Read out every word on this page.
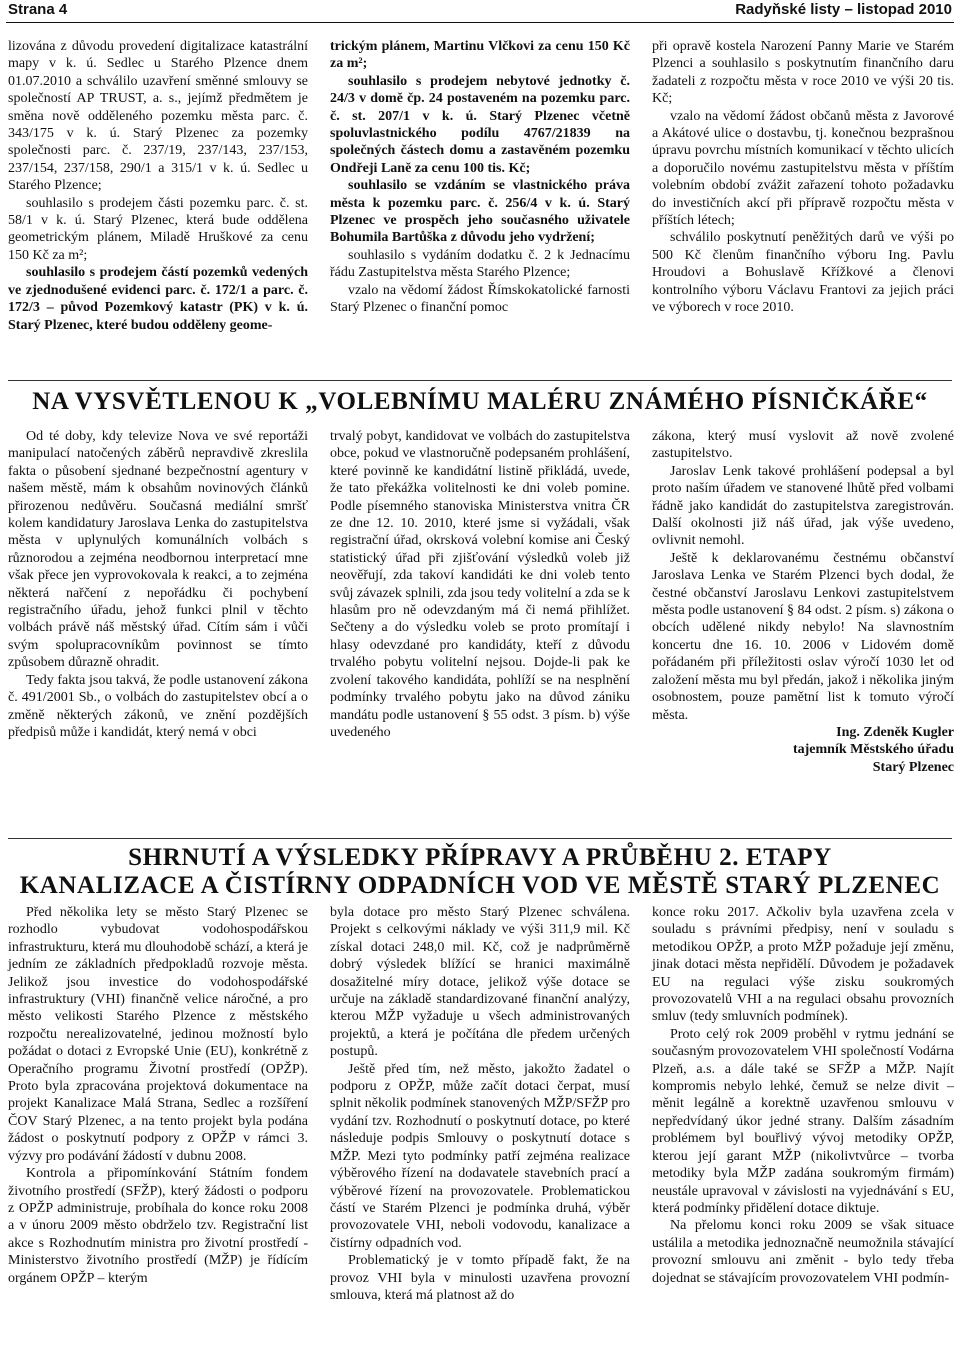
Strana 4	Radyňské listy – listopad 2010

lizována z důvodu provedení digitalizace katastrální mapy v k. ú. Sedlec u Starého Plzence dnem 01.07.2010 a schválilo uzavření směnné smlouvy se společností AP TRUST, a. s., jejímž předmětem je směna nově odděleného pozemku města parc. č. 343/175 v k. ú. Starý Plzenec za pozemky společnosti parc. č. 237/19, 237/143, 237/153, 237/154, 237/158, 290/1 a 315/1 v k. ú. Sedlec u Starého Plzence;

souhlasilo s prodejem části pozemku parc. č. st. 58/1 v k. ú. Starý Plzenec, která bude oddělena geometrickým plánem, Miladě Hruškové za cenu 150 Kč za m²;

souhlasilo s prodejem částí pozemků vedených ve zjednodušené evidenci parc. č. 172/1 a parc. č. 172/3 – původ Pozemkový katastr (PK) v k. ú. Starý Plzenec, které budou odděleny geome-

trickým plánem, Martinu Vlčkovi za cenu 150 Kč za m²;

souhlasilo s prodejem nebytové jednotky č. 24/3 v domě čp. 24 postaveném na pozemku parc. č. st. 207/1 v k. ú. Starý Plzenec včetně spoluvlastnického podílu 4767/21839 na společných částech domu a zastavěném pozemku Ondřeji Laně za cenu 100 tis. Kč;

souhlasilo se vzdáním se vlastnického práva města k pozemku parc. č. 256/4 v k. ú. Starý Plzenec ve prospěch jeho současného uživatele Bohumila Bartůška z důvodu jeho vydržení;

souhlasilo s vydáním dodatku č. 2 k Jednacímu řádu Zastupitelstva města Starého Plzence;

vzalo na vědomí žádost Římskokatolické farnosti Starý Plzenec o finanční pomoc

při opravě kostela Narození Panny Marie ve Starém Plzenci a souhlasilo s poskytnutím finančního daru žadateli z rozpočtu města v roce 2010 ve výši 20 tis. Kč;

vzalo na vědomí žádost občanů města z Javorové a Akátové ulice o dostavbu, tj. konečnou bezprašnou úpravu povrchu místních komunikací v těchto ulicích a doporučilo novému zastupitelstvu města v příštím volebním období zvážit zařazení tohoto požadavku do investičních akcí při přípravě rozpočtu města v příštích létech;

schválilo poskytnutí peněžitých darů ve výši po 500 Kč členům finančního výboru Ing. Pavlu Hroudovi a Bohuslavě Křížkové a členovi kontrolního výboru Václavu Frantovi za jejich práci ve výborech v roce 2010.

NA VYSVĚTLENOU K „VOLEBNÍMU MALÉRU ZNÁMÉHO PÍSNIČKÁŘE“

Od té doby, kdy televize Nova ve své reportáži manipulací natočených záběrů nepravdivě zkreslila fakta o působení sjednané bezpečnostní agentury v našem městě, mám k obsahům novinových článků přirozenou nedůvěru. Současná mediální smršť kolem kandidatury Jaroslava Lenka do zastupitelstva města v uplynulých komunálních volbách s různorodou a zejména neodbornou interpretací mne však přece jen vyprovokovala k reakci, a to zejména některá nařčení z nepořádku či pochybení registračního úřadu, jehož funkci plnil v těchto volbách právě náš městský úřad. Cítím sám i vůči svým spolupracovníkům povinnost se tímto způsobem důrazně ohradit.

Tedy fakta jsou takvá, že podle ustanovení zákona č. 491/2001 Sb., o volbách do zastupitelstev obcí a o změně některých zákonů, ve znění pozdějších předpisů může i kandidát, který nemá v obci

trvalý pobyt, kandidovat ve volbách do zastupitelstva obce, pokud ve vlastnoručně podepsaném prohlášení, které povinně ke kandidátní listině přikládá, uvede, že tato překážka volitelnosti ke dni voleb pomine. Podle písemného stanoviska Ministerstva vnitra ČR ze dne 12. 10. 2010, které jsme si vyžádali, však registrační úřad, okrsková volební komise ani Český statistický úřad při zjišťování výsledků voleb již neověřují, zda takoví kandidáti ke dni voleb tento svůj závazek splnili, zda jsou tedy volitelní a zda se k hlasům pro ně odevzdaným má či nemá přihlížet. Sečteny a do výsledku voleb se proto promítají i hlasy odevzdané pro kandidáty, kteří z důvodu trvalého pobytu volitelní nejsou. Dojde-li pak ke zvolení takového kandidáta, pohlíží se na nesplnění podmínky trvalého pobytu jako na důvod zániku mandátu podle ustanovení § 55 odst. 3 písm. b) výše uvedeného

zákona, který musí vyslovit až nově zvolené zastupitelstvo.

Jaroslav Lenk takové prohlášení podepsal a byl proto naším úřadem ve stanovené lhůtě před volbami řádně jako kandidát do zastupitelstva zaregistrován. Další okolnosti již náš úřad, jak výše uvedeno, ovlivnit nemohl.

Ještě k deklarovanému čestnému občanství Jaroslava Lenka ve Starém Plzenci bych dodal, že čestné občanství Jaroslavu Lenkovi zastupitelstvem města podle ustanovení § 84 odst. 2 písm. s) zákona o obcích udělené nikdy nebylo! Na slavnostním koncertu dne 16. 10. 2006 v Lidovém domě pořádaném při příležitosti oslav výročí 1030 let od založení města mu byl předán, jakož i několika jiným osobnostem, pouze pamětní list k tomuto výročí města.

Ing. Zdeněk Kugler

tajemník Městského úřadu

Starý Plzenec

SHRNUTÍ A VÝSLEDKY PŘÍPRAVY A PRŮBĚHU 2. ETAPY
KANALIZACE A ČISTÍRNY ODPADNÍCH VOD VE MĚSTĚ STARÝ PLZENEC

Před několika lety se město Starý Plzenec se rozhodlo vybudovat vodohospodářskou infrastrukturu, která mu dlouhodobě schází, a která je jedním ze základních předpokladů rozvoje města. Jelikož jsou investice do vodohospodářské infrastruktury (VHI) finančně velice náročné, a pro město velikosti Starého Plzence z městského rozpočtu nerealizovatelné, jedinou možností bylo požádat o dotaci z Evropské Unie (EU), konkrétně z Operačního programu Životní prostředí (OPŽP). Proto byla zpracována projektová dokumentace na projekt Kanalizace Malá Strana, Sedlec a rozšíření ČOV Starý Plzenec, a na tento projekt byla podána žádost o poskytnutí podpory z OPŽP v rámci 3. výzvy pro podávání žádostí v dubnu 2008.

Kontrola a připomínkování Státním fondem životního prostředí (SFŽP), který žádosti o podporu z OPŽP administruje, probíhala do konce roku 2008 a v únoru 2009 město obdrželo tzv. Registrační list akce s Rozhodnutím ministra pro životní prostředí -Ministerstvo životního prostředí (MŽP) je řídícím orgánem OPŽP – kterým

byla dotace pro město Starý Plzenec schválena. Projekt s celkovými náklady ve výši 311,9 mil. Kč získal dotaci 248,0 mil. Kč, což je nadprůměrně dobrý výsledek blížící se hranici maximálně dosažitelné míry dotace, jelikož výše dotace se určuje na základě standardizované finanční analýzy, kterou MŽP vyžaduje u všech administrovaných projektů, a která je počítána dle předem určených postupů.

Ještě před tím, než město, jakožto žadatel o podporu z OPŽP, může začít dotaci čerpat, musí splnit několik podmínek stanovených MŽP/SFŽP pro vydání tzv. Rozhodnutí o poskytnutí dotace, po které následuje podpis Smlouvy o poskytnutí dotace s MŽP. Mezi tyto podmínky patří zejména realizace výběrového řízení na dodavatele stavebních prací a výběrové řízení na provozovatele. Problematickou částí ve Starém Plzenci je podmínka druhá, výběr provozovatele VHI, neboli vodovodu, kanalizace a čistírny odpadních vod.

Problematický je v tomto případě fakt, že na provoz VHI byla v minulosti uzavřena provozní smlouva, která má platnost až do

konce roku 2017. Ačkoliv byla uzavřena zcela v souladu s právními předpisy, není v souladu s metodikou OPŽP, a proto MŽP požaduje její změnu, jinak dotaci města nepřidělí. Důvodem je požadavek EU na regulaci výše zisku soukromých provozovatelů VHI a na regulaci obsahu provozních smluv (tedy smluvních podmínek).

Proto celý rok 2009 proběhl v rytmu jednání se současným provozovatelem VHI společností Vodárna Plzeň, a.s. a dále také se SFŽP a MŽP. Najít kompromis nebylo lehké, čemuž se nelze divit – měnit legálně a korektně uzavřenou smlouvu v nepředvídaný úkor jedné strany. Dalším zásadním problémem byl bouřlivý vývoj metodiky OPŽP, kterou její garant MŽP (nikolivtvůrce – tvorba metodiky byla MŽP zadána soukromým firmám) neustále upravoval v závislosti na vyjednávání s EU, která podmínky přidělení dotace diktuje.

Na přelomu konci roku 2009 se však situace ustálila a metodika jednoznačně neumožnila stávající provozní smlouvu ani změnit - bylo tedy třeba dojednat se stávajícím provozovatelem VHI podmín-
